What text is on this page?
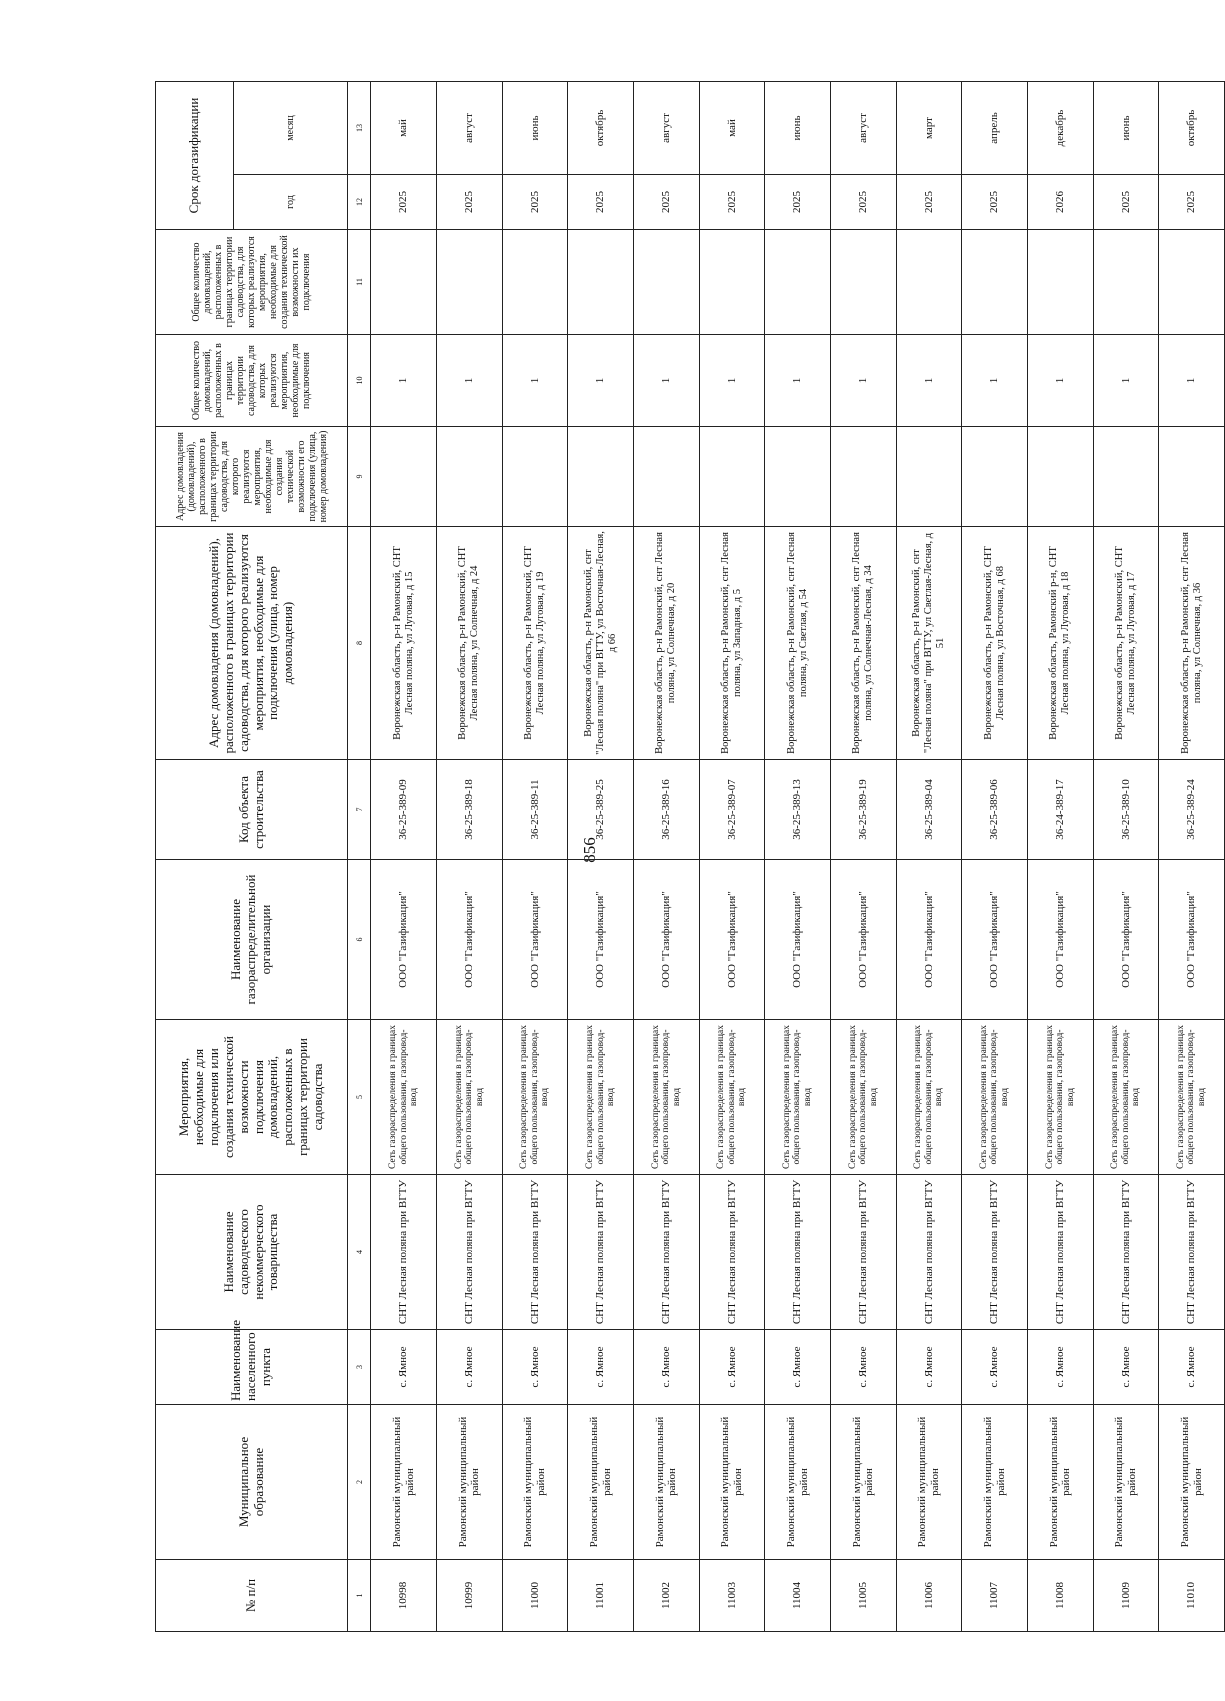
856
№ п/п	Муниципальное образование	Наименование населенного пункта	Наименование садоводческого некоммерческого товарищества	Мероприятия, необходимые для подключения или создания технической возможности подключения домовладений, расположенных в границах территории садоводства	Наименование газораспределительной организации	Код объекта строительства	Адрес домовладения (домовладений), расположенного в границах территории садоводства, для которого реализуются мероприятия, необходимые для подключения (улица, номер домовладения)	Адрес домовладения (домовладений), расположенного в границах территории садоводства, для которого реализуются мероприятия, необходимые для создания технической возможности его подключения (улица, номер домовладения)	Общее количество домовладений, расположенных в границах территории садоводства, для которых реализуются мероприятия, необходимые для подключения	Общее количество домовладений, расположенных в границах территории садоводства, для которых реализуются мероприятия, необходимые для создания технической возможности их подключения	Срок догазификации	
											год	месяц
1	2	3	4	5	6	7	8	9	10	11	12	13
10998	Рамонский муниципальный район	с. Ямное	СНТ Лесная поляна при ВГТУ	Сеть газораспределения в границах общего пользования, газопровод-ввод	ООО "Газификация"	36-25-389-09	Воронежская область, р-н Рамонский, СНТ Лесная поляна, ул Луговая, д 15		1		2025	май
10999	Рамонский муниципальный район	с. Ямное	СНТ Лесная поляна при ВГТУ	Сеть газораспределения в границах общего пользования, газопровод-ввод	ООО "Газификация"	36-25-389-18	Воронежская область, р-н Рамонский, СНТ Лесная поляна, ул Солнечная, д 24		1		2025	август
11000	Рамонский муниципальный район	с. Ямное	СНТ Лесная поляна при ВГТУ	Сеть газораспределения в границах общего пользования, газопровод-ввод	ООО "Газификация"	36-25-389-11	Воронежская область, р-н Рамонский, СНТ Лесная поляна, ул Луговая, д 19		1		2025	июнь
11001	Рамонский муниципальный район	с. Ямное	СНТ Лесная поляна при ВГТУ	Сеть газораспределения в границах общего пользования, газопровод-ввод	ООО "Газификация"	36-25-389-25	Воронежская область, р-н Рамонский, снт "Лесная поляна" при ВГТУ, ул Восточная-Лесная, д 66		1		2025	октябрь
11002	Рамонский муниципальный район	с. Ямное	СНТ Лесная поляна при ВГТУ	Сеть газораспределения в границах общего пользования, газопровод-ввод	ООО "Газификация"	36-25-389-16	Воронежская область, р-н Рамонский, снт Лесная поляна, ул Солнечная, д 20		1		2025	август
11003	Рамонский муниципальный район	с. Ямное	СНТ Лесная поляна при ВГТУ	Сеть газораспределения в границах общего пользования, газопровод-ввод	ООО "Газификация"	36-25-389-07	Воронежская область, р-н Рамонский, снт Лесная поляна, ул Западная, д 5		1		2025	май
11004	Рамонский муниципальный район	с. Ямное	СНТ Лесная поляна при ВГТУ	Сеть газораспределения в границах общего пользования, газопровод-ввод	ООО "Газификация"	36-25-389-13	Воронежская область, р-н Рамонский, снт Лесная поляна, ул Светлая, д 54		1		2025	июнь
11005	Рамонский муниципальный район	с. Ямное	СНТ Лесная поляна при ВГТУ	Сеть газораспределения в границах общего пользования, газопровод-ввод	ООО "Газификация"	36-25-389-19	Воронежская область, р-н Рамонский, снт Лесная поляна, ул Солнечная-Лесная, д 34		1		2025	август
11006	Рамонский муниципальный район	с. Ямное	СНТ Лесная поляна при ВГТУ	Сеть газораспределения в границах общего пользования, газопровод-ввод	ООО "Газификация"	36-25-389-04	Воронежская область, р-н Рамонский, снт "Лесная поляна" при ВГТУ, ул Светлая-Лесная, д 51		1		2025	март
11007	Рамонский муниципальный район	с. Ямное	СНТ Лесная поляна при ВГТУ	Сеть газораспределения в границах общего пользования, газопровод-ввод	ООО "Газификация"	36-25-389-06	Воронежская область, р-н Рамонский, СНТ Лесная поляна, ул Восточная, д 68		1		2025	апрель
11008	Рамонский муниципальный район	с. Ямное	СНТ Лесная поляна при ВГТУ	Сеть газораспределения в границах общего пользования, газопровод-ввод	ООО "Газификация"	36-24-389-17	Воронежская область, Рамонский р-н, СНТ Лесная поляна, ул Луговая, д 18		1		2026	декабрь
11009	Рамонский муниципальный район	с. Ямное	СНТ Лесная поляна при ВГТУ	Сеть газораспределения в границах общего пользования, газопровод-ввод	ООО "Газификация"	36-25-389-10	Воронежская область, р-н Рамонский, СНТ Лесная поляна, ул Луговая, д 17		1		2025	июнь
11010	Рамонский муниципальный район	с. Ямное	СНТ Лесная поляна при ВГТУ	Сеть газораспределения в границах общего пользования, газопровод-ввод	ООО "Газификация"	36-25-389-24	Воронежская область, р-н Рамонский, снт Лесная поляна, ул Солнечная, д 36		1		2025	октябрь
